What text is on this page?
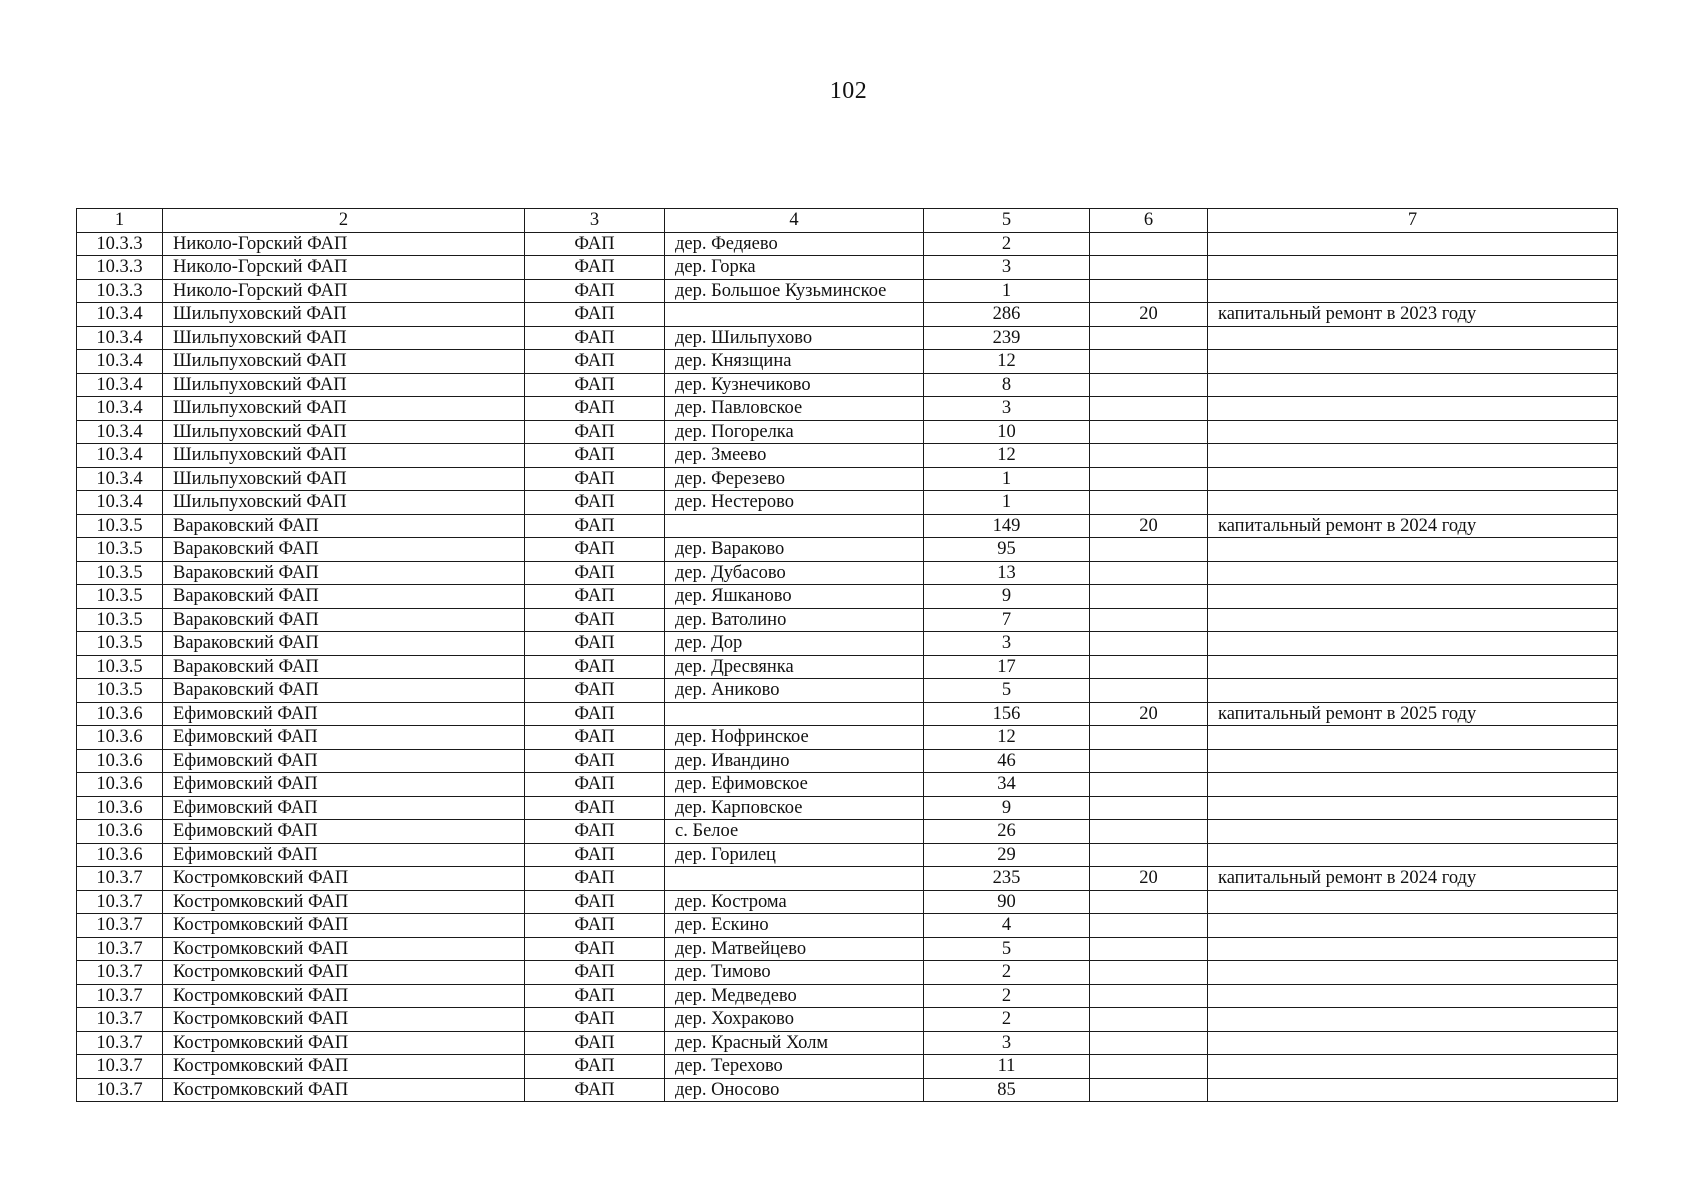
102
1	2	3	4	5	6	7
10.3.3	Николо-Горский ФАП	ФАП	дер. Федяево	2		
10.3.3	Николо-Горский ФАП	ФАП	дер. Горка	3		
10.3.3	Николо-Горский ФАП	ФАП	дер. Большое Кузьминское	1		
10.3.4	Шильпуховский ФАП	ФАП		286	20	капитальный ремонт в 2023 году
10.3.4	Шильпуховский ФАП	ФАП	дер. Шильпухово	239		
10.3.4	Шильпуховский ФАП	ФАП	дер. Князщина	12		
10.3.4	Шильпуховский ФАП	ФАП	дер. Кузнечиково	8		
10.3.4	Шильпуховский ФАП	ФАП	дер. Павловское	3		
10.3.4	Шильпуховский ФАП	ФАП	дер. Погорелка	10		
10.3.4	Шильпуховский ФАП	ФАП	дер. Змеево	12		
10.3.4	Шильпуховский ФАП	ФАП	дер. Ферезево	1		
10.3.4	Шильпуховский ФАП	ФАП	дер. Нестерово	1		
10.3.5	Вараковский ФАП	ФАП		149	20	капитальный ремонт в 2024 году
10.3.5	Вараковский ФАП	ФАП	дер. Вараково	95		
10.3.5	Вараковский ФАП	ФАП	дер. Дубасово	13		
10.3.5	Вараковский ФАП	ФАП	дер. Яшканово	9		
10.3.5	Вараковский ФАП	ФАП	дер. Ватолино	7		
10.3.5	Вараковский ФАП	ФАП	дер. Дор	3		
10.3.5	Вараковский ФАП	ФАП	дер. Дресвянка	17		
10.3.5	Вараковский ФАП	ФАП	дер. Аниково	5		
10.3.6	Ефимовский ФАП	ФАП		156	20	капитальный ремонт в 2025 году
10.3.6	Ефимовский ФАП	ФАП	дер. Нофринское	12		
10.3.6	Ефимовский ФАП	ФАП	дер. Ивандино	46		
10.3.6	Ефимовский ФАП	ФАП	дер. Ефимовское	34		
10.3.6	Ефимовский ФАП	ФАП	дер. Карповское	9		
10.3.6	Ефимовский ФАП	ФАП	с. Белое	26		
10.3.6	Ефимовский ФАП	ФАП	дер. Горилец	29		
10.3.7	Костромковский ФАП	ФАП		235	20	капитальный ремонт в 2024 году
10.3.7	Костромковский ФАП	ФАП	дер. Кострома	90		
10.3.7	Костромковский ФАП	ФАП	дер. Ескино	4		
10.3.7	Костромковский ФАП	ФАП	дер. Матвейцево	5		
10.3.7	Костромковский ФАП	ФАП	дер. Тимово	2		
10.3.7	Костромковский ФАП	ФАП	дер. Медведево	2		
10.3.7	Костромковский ФАП	ФАП	дер. Хохраково	2		
10.3.7	Костромковский ФАП	ФАП	дер. Красный Холм	3		
10.3.7	Костромковский ФАП	ФАП	дер. Терехово	11		
10.3.7	Костромковский ФАП	ФАП	дер. Оносово	85		
